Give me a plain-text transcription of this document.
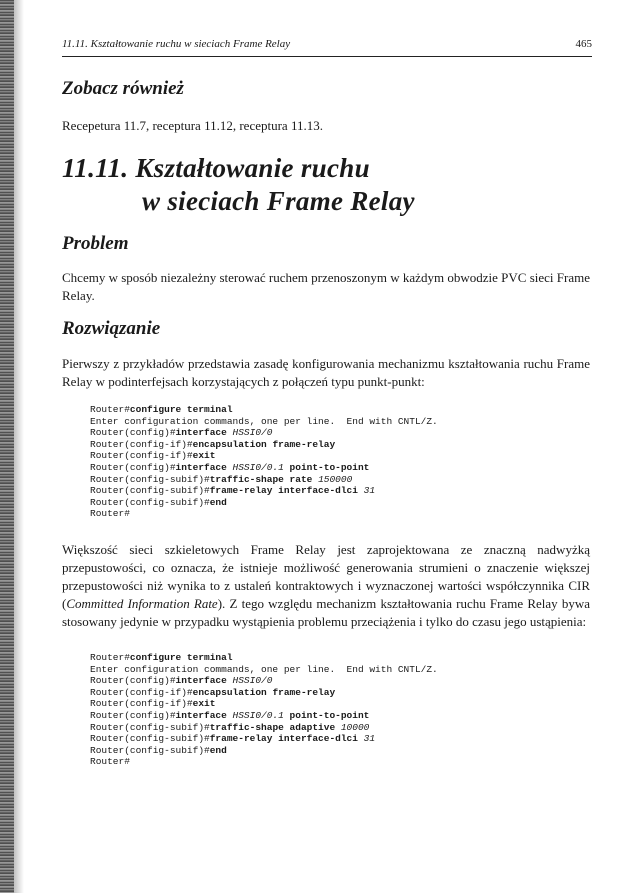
11.11. Kształtowanie ruchu w sieciach Frame Relay	465
Zobacz również
Recepetura 11.7, receptura 11.12, receptura 11.13.
11.11. Kształtowanie ruchu
w sieciach Frame Relay
Problem
Chcemy w sposób niezależny sterować ruchem przenoszonym w każdym obwodzie PVC sieci Frame Relay.
Rozwiązanie
Pierwszy z przykładów przedstawia zasadę konfigurowania mechanizmu kształtowania ruchu Frame Relay w podinterfejsach korzystających z połączeń typu punkt-punkt:
Router#configure terminal
Enter configuration commands, one per line.  End with CNTL/Z.
Router(config)#interface HSSI0/0
Router(config-if)#encapsulation frame-relay
Router(config-if)#exit
Router(config)#interface HSSI0/0.1 point-to-point
Router(config-subif)#traffic-shape rate 150000
Router(config-subif)#frame-relay interface-dlci 31
Router(config-subif)#end
Router#
Większość sieci szkieletowych Frame Relay jest zaprojektowana ze znaczną nadwyżką przepustowości, co oznacza, że istnieje możliwość generowania strumieni o znaczenie większej przepustowości niż wynika to z ustaleń kontraktowych i wyznaczonej wartości współczynnika CIR (Committed Information Rate). Z tego względu mechanizm kształtowania ruchu Frame Relay bywa stosowany jedynie w przypadku wystąpienia problemu przeciążenia i tylko do czasu jego ustąpienia:
Router#configure terminal
Enter configuration commands, one per line.  End with CNTL/Z.
Router(config)#interface HSSI0/0
Router(config-if)#encapsulation frame-relay
Router(config-if)#exit
Router(config)#interface HSSI0/0.1 point-to-point
Router(config-subif)#traffic-shape adaptive 10000
Router(config-subif)#frame-relay interface-dlci 31
Router(config-subif)#end
Router#
